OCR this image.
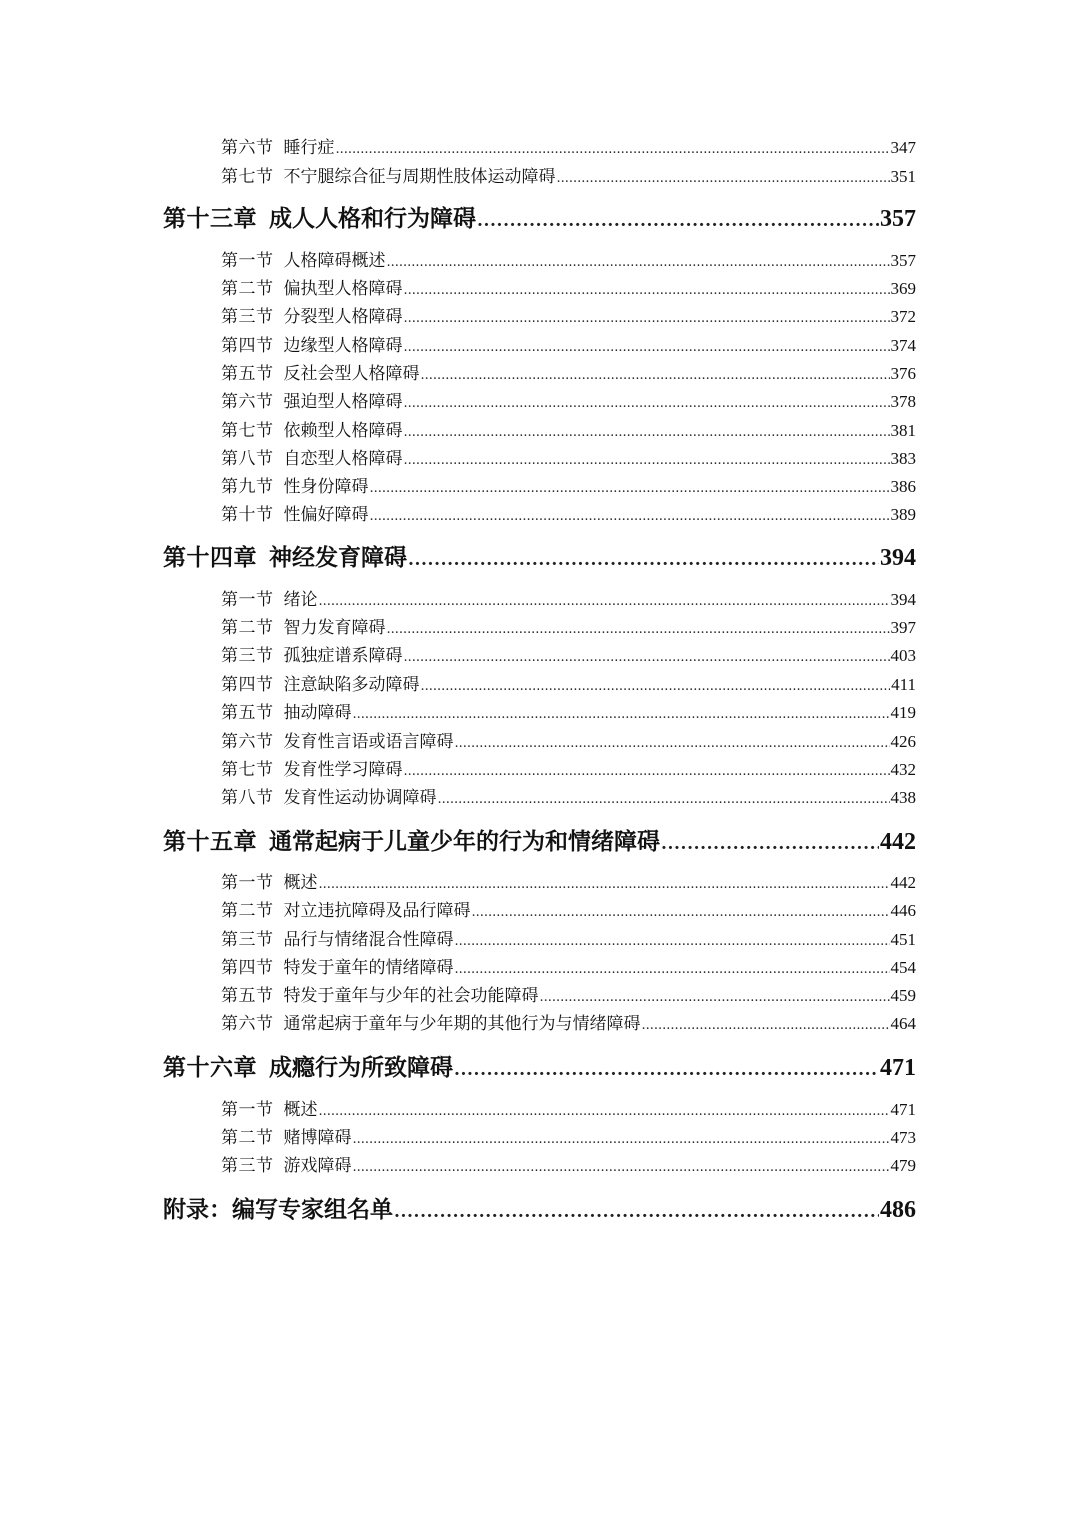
第六节 睡行症 .....	347
第七节 不宁腿综合征与周期性肢体运动障碍 .....	351
第十三章 成人人格和行为障碍 .....	357
第一节 人格障碍概述 .....	357
第二节 偏执型人格障碍 .....	369
第三节 分裂型人格障碍 .....	372
第四节 边缘型人格障碍 .....	374
第五节 反社会型人格障碍 .....	376
第六节 强迫型人格障碍 .....	378
第七节 依赖型人格障碍 .....	381
第八节 自恋型人格障碍 .....	383
第九节 性身份障碍 .....	386
第十节 性偏好障碍 .....	389
第十四章 神经发育障碍 .....	394
第一节 绪论 .....	394
第二节 智力发育障碍 .....	397
第三节 孤独症谱系障碍 .....	403
第四节 注意缺陷多动障碍 .....	411
第五节 抽动障碍 .....	419
第六节 发育性言语或语言障碍 .....	426
第七节 发育性学习障碍 .....	432
第八节 发育性运动协调障碍 .....	438
第十五章 通常起病于儿童少年的行为和情绪障碍 .....	442
第一节 概述 .....	442
第二节 对立违抗障碍及品行障碍 .....	446
第三节 品行与情绪混合性障碍 .....	451
第四节 特发于童年的情绪障碍 .....	454
第五节 特发于童年与少年的社会功能障碍 .....	459
第六节 通常起病于童年与少年期的其他行为与情绪障碍 .....	464
第十六章 成瘾行为所致障碍 .....	471
第一节 概述 .....	471
第二节 赌博障碍 .....	473
第三节 游戏障碍 .....	479
附录：编写专家组名单 .....	486
